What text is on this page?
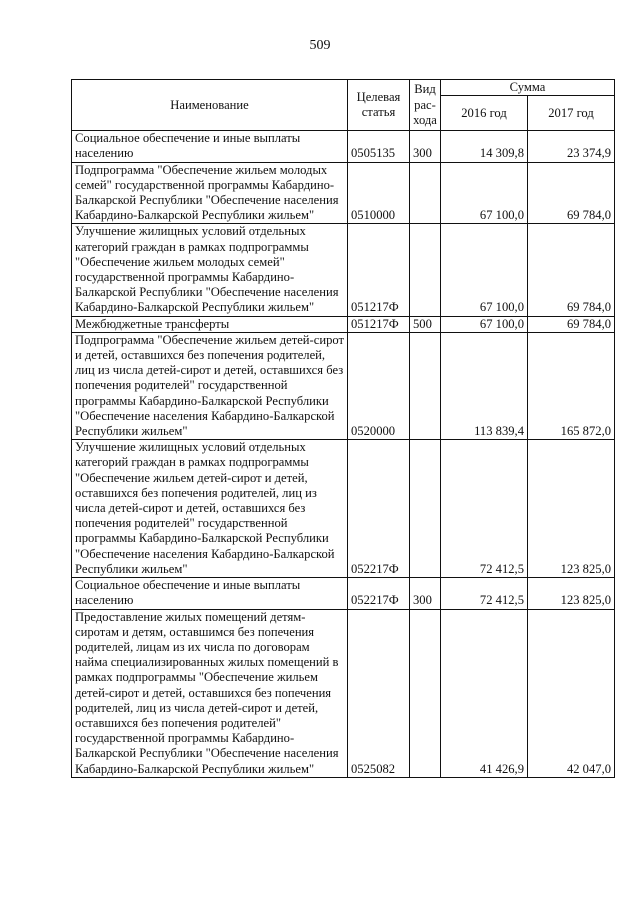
509
Наименование	Целевая статья	Вид рас-хода	Сумма	
			2016 год	2017 год
Социальное обеспечение и иные выплаты населению	0505135	300	14 309,8	23 374,9
Подпрограмма "Обеспечение жильем молодых семей" государственной программы Кабардино-Балкарской Республики "Обеспечение населения Кабардино-Балкарской Республики жильем"	0510000		67 100,0	69 784,0
Улучшение жилищных условий отдельных категорий граждан в рамках подпрограммы "Обеспечение жильем молодых семей" государственной программы Кабардино-Балкарской Республики "Обеспечение населения Кабардино-Балкарской Республики жильем"	051217Ф		67 100,0	69 784,0
Межбюджетные трансферты	051217Ф	500	67 100,0	69 784,0
Подпрограмма "Обеспечение жильем детей-сирот и детей, оставшихся без попечения родителей, лиц из числа детей-сирот и детей, оставшихся без попечения родителей" государственной программы Кабардино-Балкарской Республики "Обеспечение населения Кабардино-Балкарской Республики жильем"	0520000		113 839,4	165 872,0
Улучшение жилищных условий отдельных категорий граждан в рамках подпрограммы "Обеспечение жильем детей-сирот и детей, оставшихся без попечения родителей, лиц из числа детей-сирот и детей, оставшихся без попечения родителей" государственной программы Кабардино-Балкарской Республики "Обеспечение населения Кабардино-Балкарской Республики жильем"	052217Ф		72 412,5	123 825,0
Социальное обеспечение и иные выплаты населению	052217Ф	300	72 412,5	123 825,0
Предоставление жилых помещений детям-сиротам и детям, оставшимся без попечения родителей, лицам из их числа по договорам найма специализированных жилых помещений в рамках подпрограммы "Обеспечение жильем детей-сирот и детей, оставшихся без попечения родителей, лиц из числа детей-сирот и детей, оставшихся без попечения родителей" государственной программы Кабардино-Балкарской Республики "Обеспечение населения Кабардино-Балкарской Республики жильем"	0525082		41 426,9	42 047,0
